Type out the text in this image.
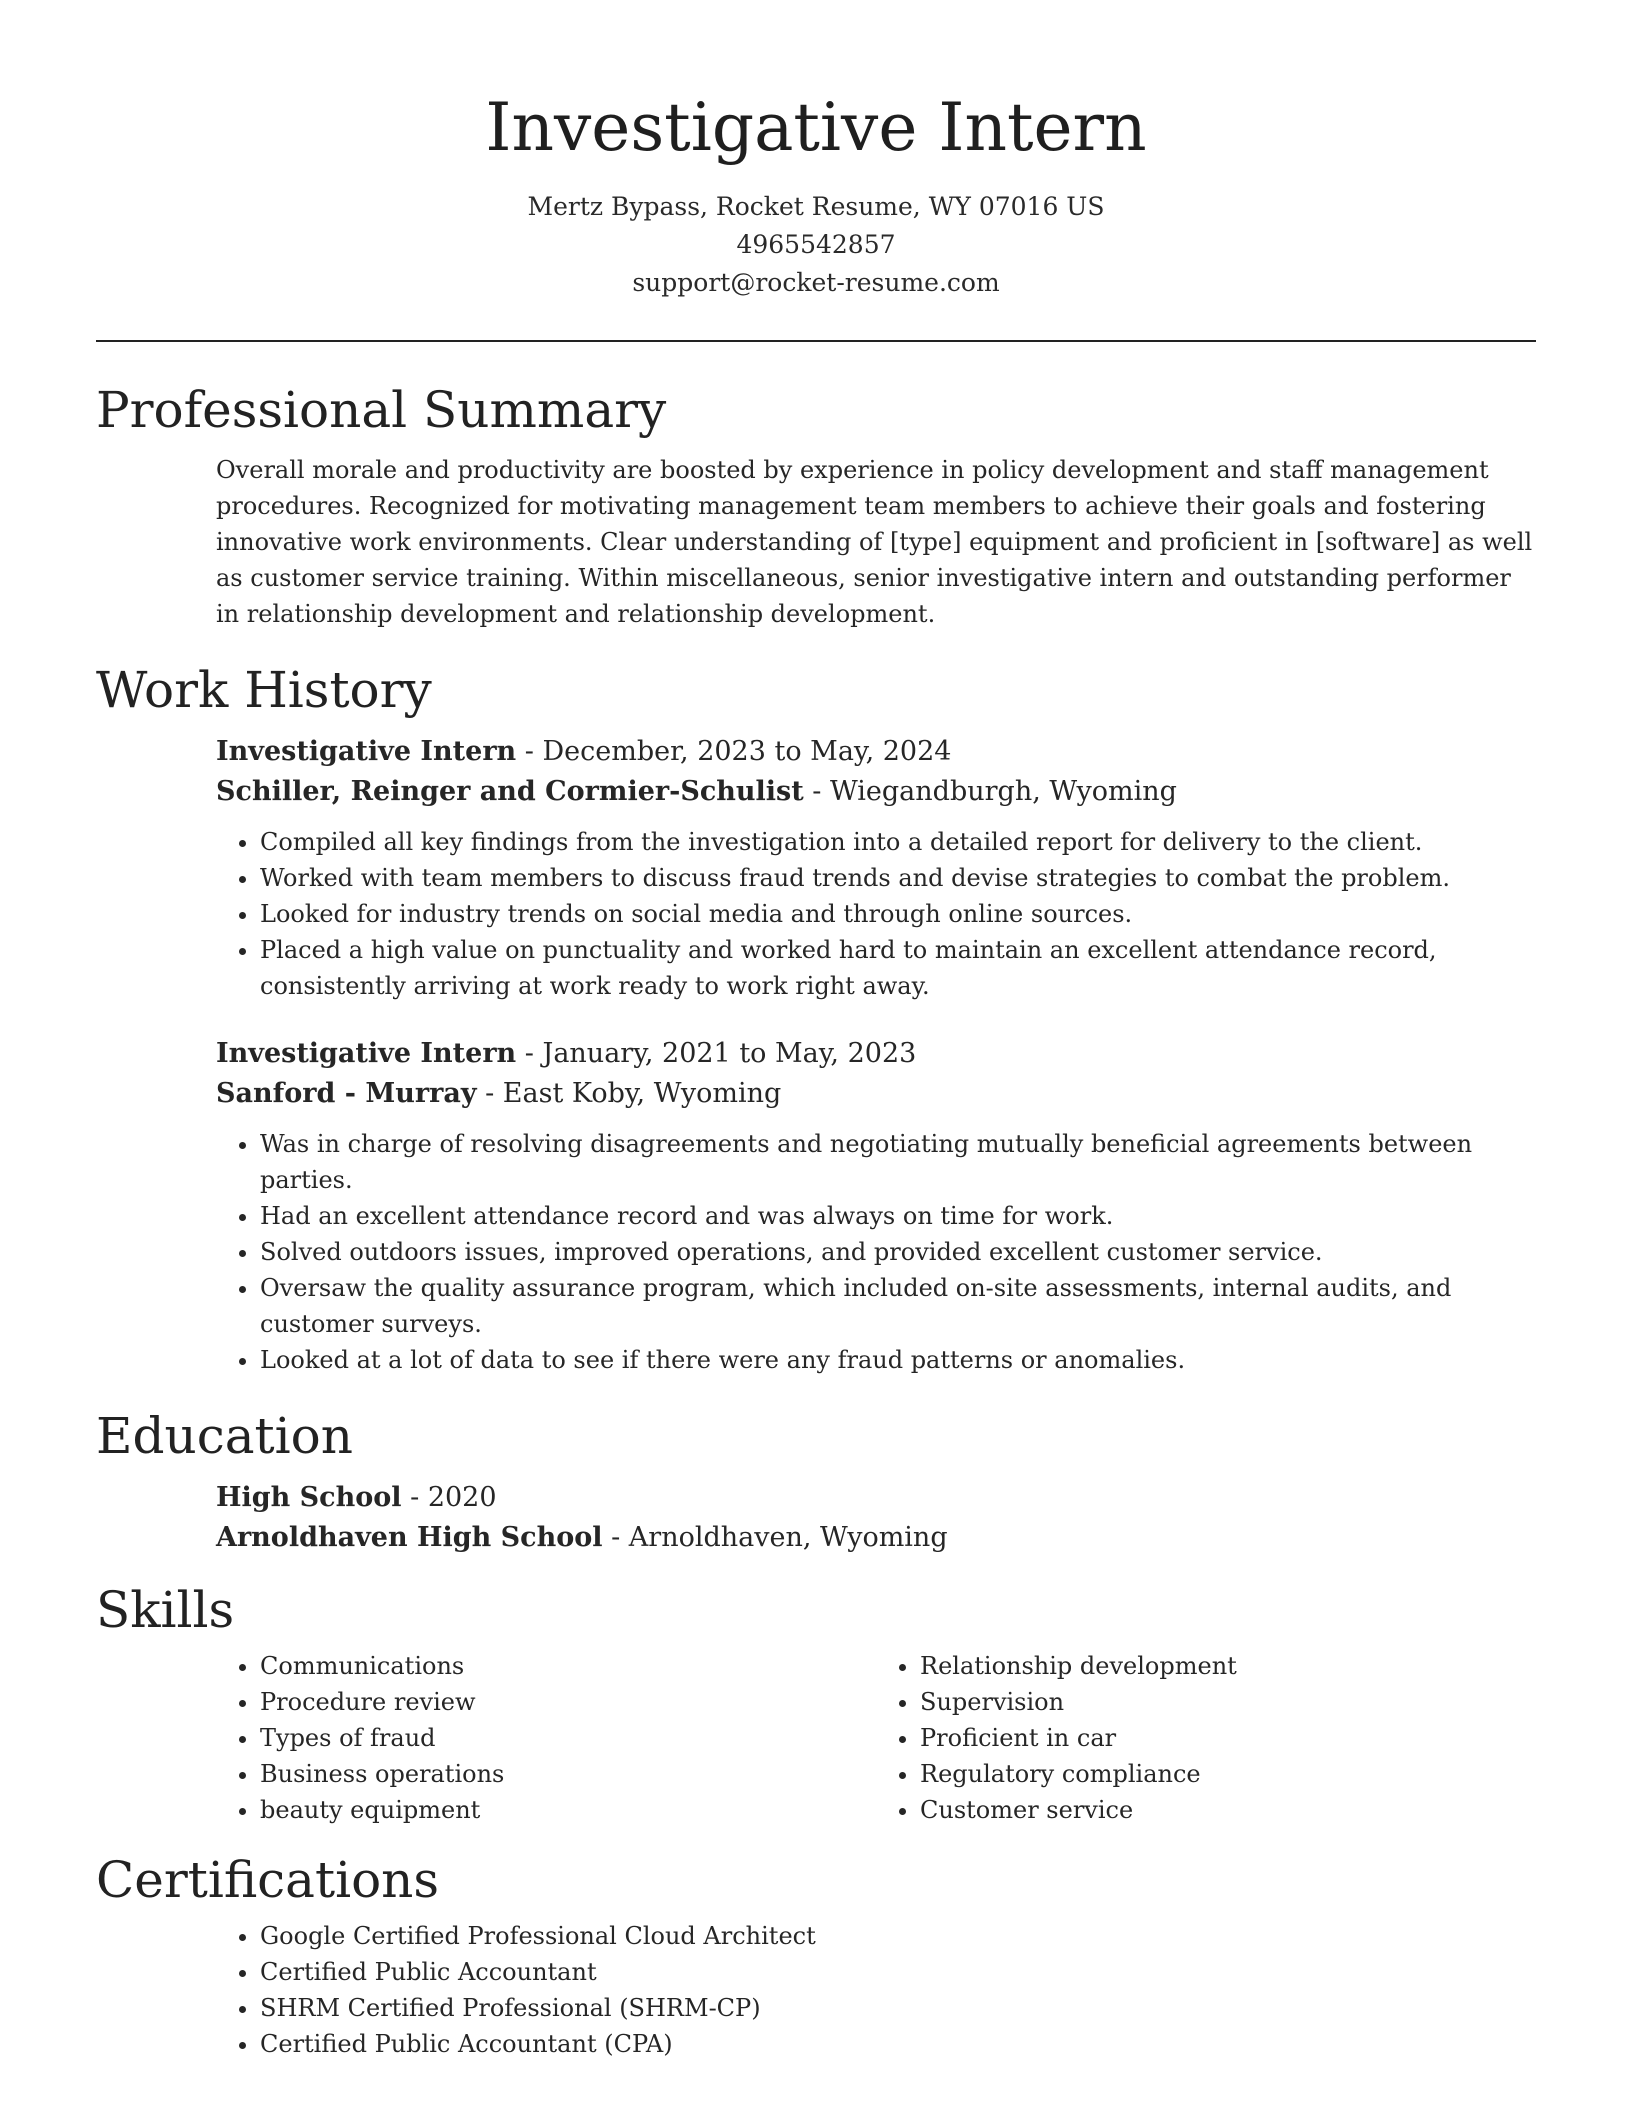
Investigative Intern
Mertz Bypass, Rocket Resume, WY 07016 US
4965542857
support@rocket-resume.com
Professional Summary

Overall morale and productivity are boosted by experience in policy development and staff management procedures. Recognized for motivating management team members to achieve their goals and fostering innovative work environments. Clear understanding of [type] equipment and proficient in [software] as well as customer service training. Within miscellaneous, senior investigative intern and outstanding performer in relationship development and relationship development.

Work History
Investigative Intern - December, 2023 to May, 2024
Schiller, Reinger and Cormier-Schulist - Wiegandburgh, Wyoming
• Compiled all key findings from the investigation into a detailed report for delivery to the client.
• Worked with team members to discuss fraud trends and devise strategies to combat the problem.
• Looked for industry trends on social media and through online sources.
• Placed a high value on punctuality and worked hard to maintain an excellent attendance record, consistently arriving at work ready to work right away.
Investigative Intern - January, 2021 to May, 2023
Sanford - Murray - East Koby, Wyoming
• Was in charge of resolving disagreements and negotiating mutually beneficial agreements between parties.
• Had an excellent attendance record and was always on time for work.
• Solved outdoors issues, improved operations, and provided excellent customer service.
• Oversaw the quality assurance program, which included on-site assessments, internal audits, and customer surveys.
• Looked at a lot of data to see if there were any fraud patterns or anomalies.
Education
High School - 2020
Arnoldhaven High School - Arnoldhaven, Wyoming
Skills
• Communications
• Procedure review
• Types of fraud
• Business operations
• beauty equipment
• Relationship development
• Supervision
• Proficient in car
• Regulatory compliance
• Customer service
Certifications
• Google Certified Professional Cloud Architect
• Certified Public Accountant
• SHRM Certified Professional (SHRM-CP)
• Certified Public Accountant (CPA)
